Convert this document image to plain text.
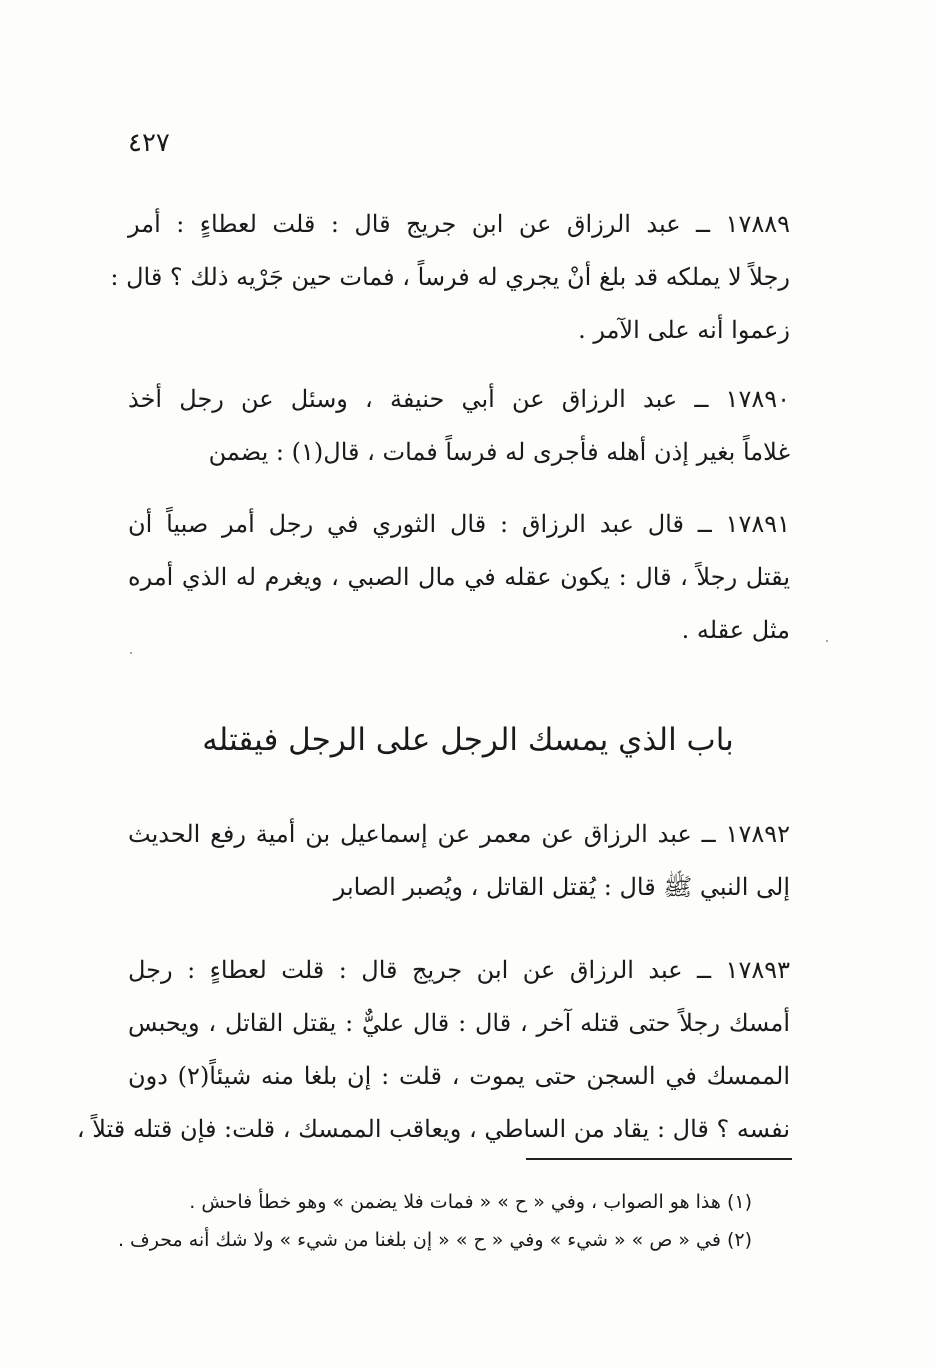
٤٢٧
١٧٨٨٩ ــ عبد الرزاق عن ابن جريج قال : قلت لعطاءٍ : أمر
رجلاً لا يملكه قد بلغ أنْ يجري له فرساً ، فمات حين جَرْيه ذلك ؟ قال :
زعموا أنه على الآمر .
١٧٨٩٠ ــ عبد الرزاق عن أبي حنيفة ، وسئل عن رجل أخذ
غلاماً بغير إذن أهله فأجرى له فرساً فمات ، قال(١) : يضمن
١٧٨٩١ ــ قال عبد الرزاق : قال الثوري في رجل أمر صبياً أن
يقتل رجلاً ، قال : يكون عقله في مال الصبي ، ويغرم له الذي أمره
مثل عقله .
باب الذي يمسك الرجل على الرجل فيقتله
١٧٨٩٢ ــ عبد الرزاق عن معمر عن إسماعيل بن أمية رفع الحديث
إلى النبي ﷺ قال : يُقتل القاتل ، ويُصبر الصابر
١٧٨٩٣ ــ عبد الرزاق عن ابن جريج قال : قلت لعطاءٍ : رجل
أمسك رجلاً حتى قتله آخر ، قال : قال عليٌّ : يقتل القاتل ، ويحبس
الممسك في السجن حتى يموت ، قلت : إن بلغا منه شيئاً(٢) دون
نفسه ؟ قال : يقاد من الساطي ، ويعاقب الممسك ، قلت: فإن قتله قتلاً ،
(١) هذا هو الصواب ، وفي « ح » « فمات فلا يضمن » وهو خطأ فاحش .
(٢) في « ص » « شيء » وفي « ح » « إن بلغنا من شيء » ولا شك أنه محرف .
